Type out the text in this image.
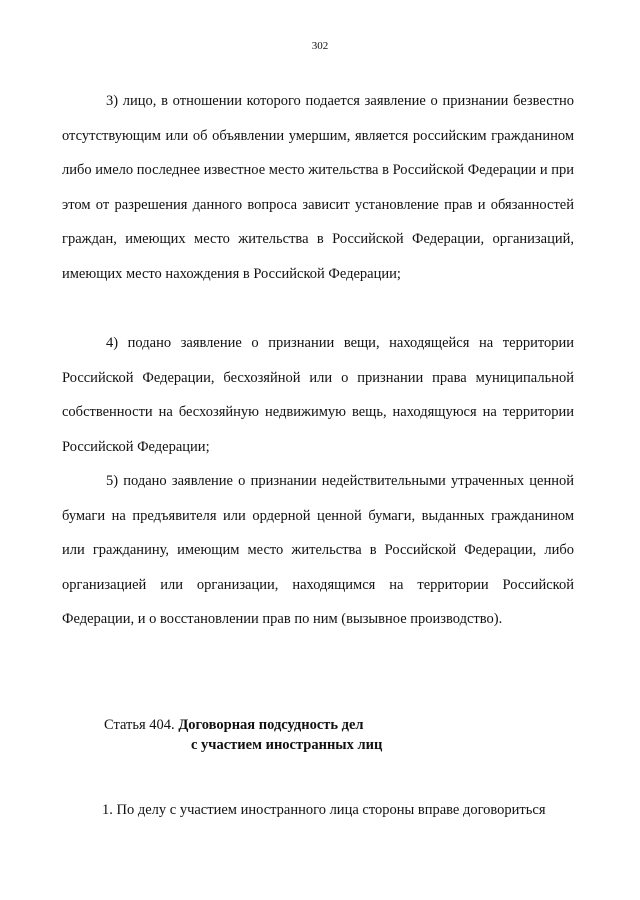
302

3) лицо, в отношении которого подается заявление о признании безвестно отсутствующим или об объявлении умершим, является российским гражданином либо имело последнее известное место жительства в Российской Федерации и при этом от разрешения данного вопроса зависит установление прав и обязанностей граждан, имеющих место жительства в Российской Федерации, организаций, имеющих место нахождения в Российской Федерации;

4) подано заявление о признании вещи, находящейся на территории Российской Федерации, бесхозяйной или о признании права муниципальной собственности на бесхозяйную недвижимую вещь, находящуюся на территории Российской Федерации;

5) подано заявление о признании недействительными утраченных ценной бумаги на предъявителя или ордерной ценной бумаги, выданных гражданином или гражданину, имеющим место жительства в Российской Федерации, либо организацией или организации, находящимся на территории Российской Федерации, и о восстановлении прав по ним (вызывное производство).

Статья 404. Договорная подсудность дел
с участием иностранных лиц

1. По делу с участием иностранного лица стороны вправе договориться
